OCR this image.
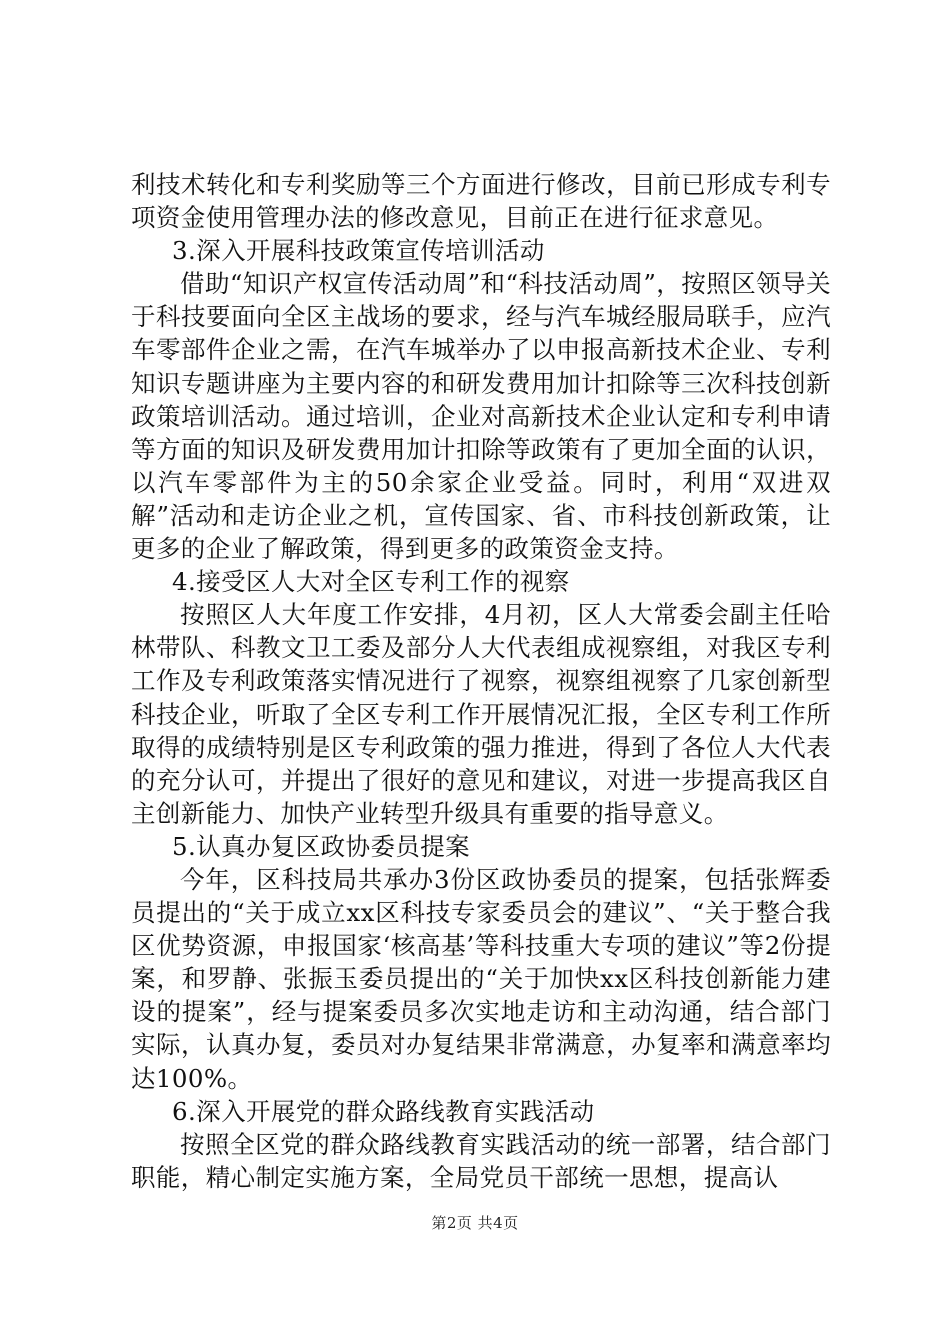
利技术转化和专利奖励等三个方面进行修改，目前已形成专利专项资金使用管理办法的修改意见，目前正在进行征求意见。

3.深入开展科技政策宣传培训活动

借助“知识产权宣传活动周”和“科技活动周”，按照区领导关于科技要面向全区主战场的要求，经与汽车城经服局联手，应汽车零部件企业之需，在汽车城举办了以申报高新技术企业、专利知识专题讲座为主要内容的和研发费用加计扣除等三次科技创新政策培训活动。通过培训，企业对高新技术企业认定和专利申请等方面的知识及研发费用加计扣除等政策有了更加全面的认识，以汽车零部件为主的50余家企业受益。同时，利用“双进双解”活动和走访企业之机，宣传国家、省、市科技创新政策，让更多的企业了解政策，得到更多的政策资金支持。

4.接受区人大对全区专利工作的视察

按照区人大年度工作安排，4月初，区人大常委会副主任哈林带队、科教文卫工委及部分人大代表组成视察组，对我区专利工作及专利政策落实情况进行了视察，视察组视察了几家创新型科技企业，听取了全区专利工作开展情况汇报，全区专利工作所取得的成绩特别是区专利政策的强力推进，得到了各位人大代表的充分认可，并提出了很好的意见和建议，对进一步提高我区自主创新能力、加快产业转型升级具有重要的指导意义。

5.认真办复区政协委员提案

今年，区科技局共承办3份区政协委员的提案，包括张辉委员提出的“关于成立xx区科技专家委员会的建议”、“关于整合我区优势资源，申报国家‘核高基’等科技重大专项的建议”等2份提案，和罗静、张振玉委员提出的“关于加快xx区科技创新能力建设的提案”，经与提案委员多次实地走访和主动沟通，结合部门实际，认真办复，委员对办复结果非常满意，办复率和满意率均达100%。

6.深入开展党的群众路线教育实践活动

按照全区党的群众路线教育实践活动的统一部署，结合部门职能，精心制定实施方案，全局党员干部统一思想，提高认

第2页 共4页
